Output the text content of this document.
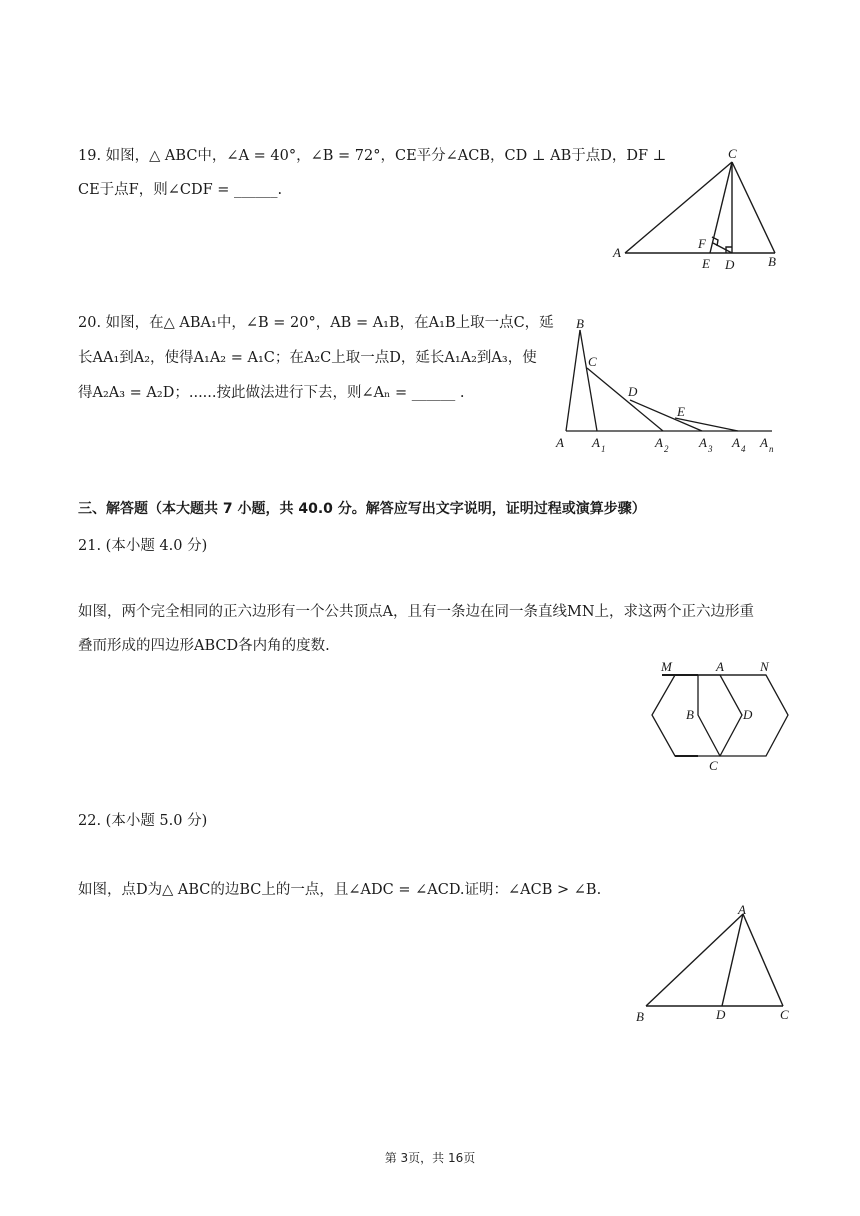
19. 如图，△ ABC中，∠A = 40°，∠B = 72°，CE平分∠ACB，CD ⊥ AB于点D，DF ⊥
CE于点F，则∠CDF = ______.
C
A
F
E D	B
20. 如图，在△ ABA₁中，∠B = 20°，AB = A₁B，在A₁B上取一点C，延
长AA₁到A₂，使得A₁A₂ = A₁C；在A₂C上取一点D，延长A₁A₂到A₃，使
得A₂A₃ = A₂D；......按此做法进行下去，则∠Aₙ = ______ .
B
C
D
E
A A 1	A 2 A 3 A 4 A n
三、解答题（本大题共 7 小题，共 40.0 分。解答应写出文字说明，证明过程或演算步骤）
21. (本小题 4.0 分)
如图，两个完全相同的正六边形有一个公共顶点A，且有一条边在同一条直线MN上，求这两个正六边形重
叠而形成的四边形ABCD各内角的度数.
M	A	N
B	D
C
22. (本小题 5.0 分)
如图，点D为△ ABC的边BC上的一点，且∠ADC = ∠ACD.证明：∠ACB > ∠B.
A
B	D	C
第 3页，共 16页
